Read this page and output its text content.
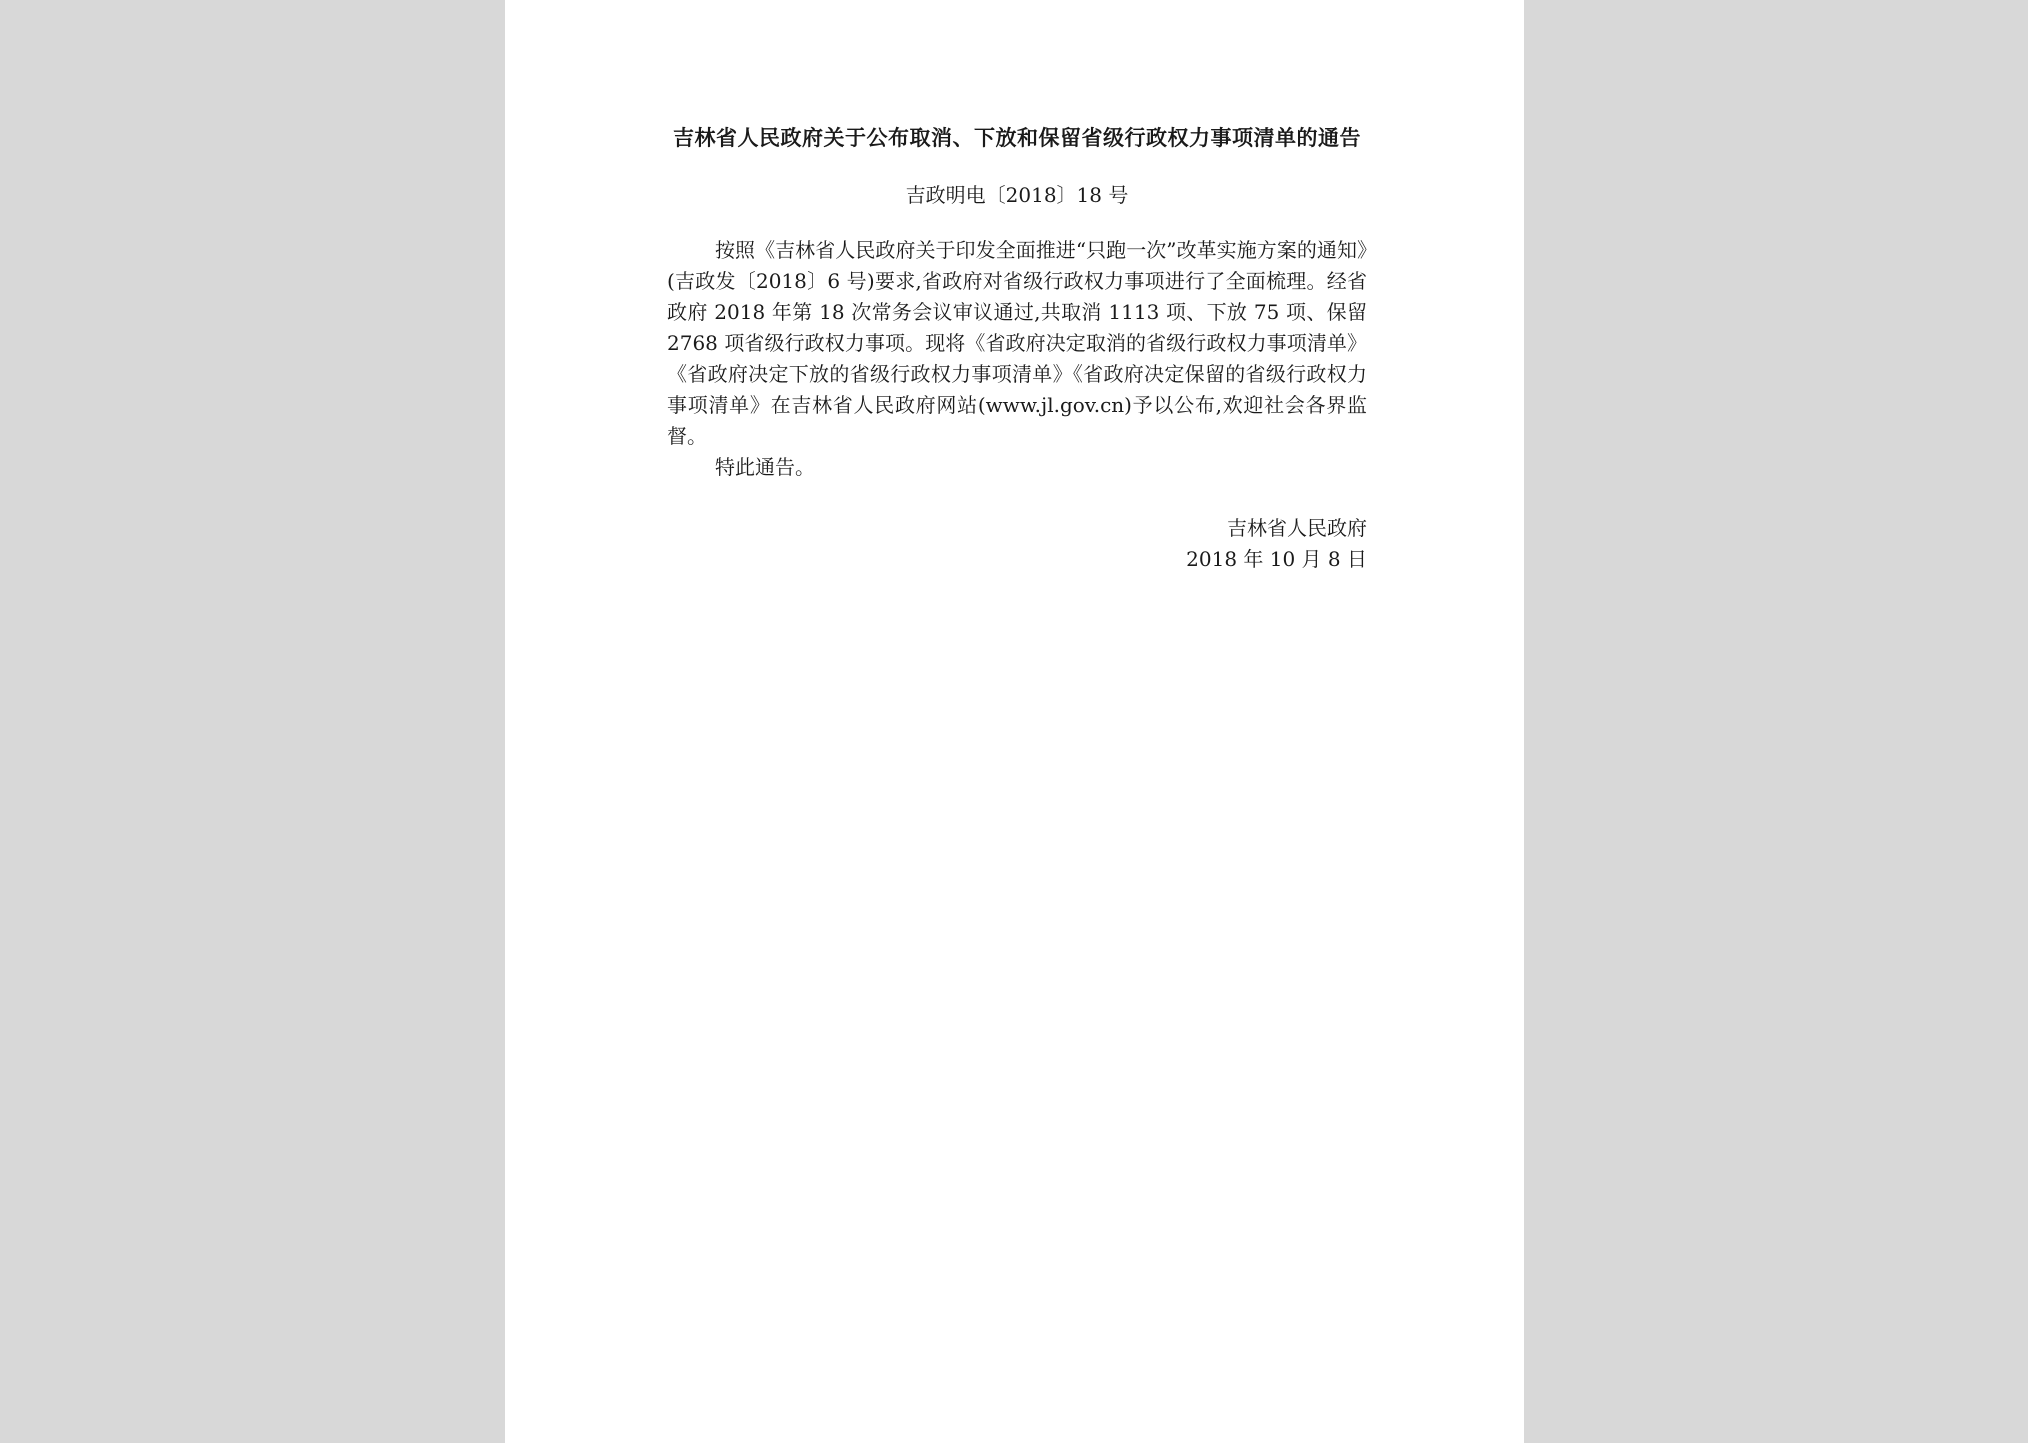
吉林省人民政府关于公布取消、下放和保留省级行政权力事项清单的通告

吉政明电〔2018〕18 号

按照《吉林省人民政府关于印发全面推进“只跑一次”改革实施方案的通知》(吉政发〔2018〕6 号)要求,省政府对省级行政权力事项进行了全面梳理。经省政府 2018 年第 18 次常务会议审议通过,共取消 1113 项、下放 75 项、保留 2768 项省级行政权力事项。现将《省政府决定取消的省级行政权力事项清单》《省政府决定下放的省级行政权力事项清单》《省政府决定保留的省级行政权力事项清单》在吉林省人民政府网站(www.jl.gov.cn)予以公布,欢迎社会各界监督。

特此通告。

吉林省人民政府
2018 年 10 月 8 日
